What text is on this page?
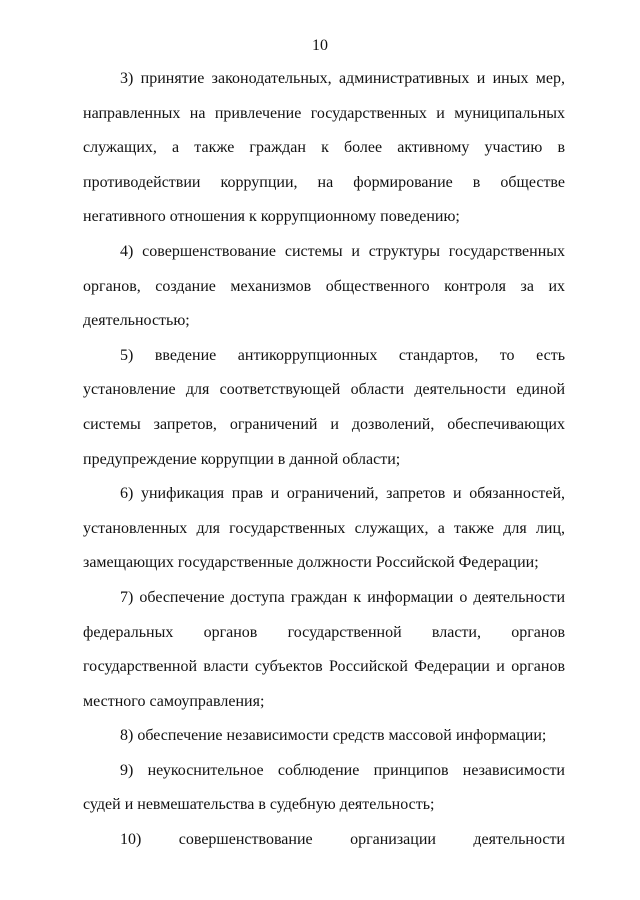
10

3) принятие законодательных, административных и иных мер, направленных на привлечение государственных и муниципальных служащих, а также граждан к более активному участию в противодействии коррупции, на формирование в обществе негативного отношения к коррупционному поведению;

4) совершенствование системы и структуры государственных органов, создание механизмов общественного контроля за их деятельностью;

5) введение антикоррупционных стандартов, то есть установление для соответствующей области деятельности единой системы запретов, ограничений и дозволений, обеспечивающих предупреждение коррупции в данной области;

6) унификация прав и ограничений, запретов и обязанностей, установленных для государственных служащих, а также для лиц, замещающих государственные должности Российской Федерации;

7) обеспечение доступа граждан к информации о деятельности федеральных органов государственной власти, органов государственной власти субъектов Российской Федерации и органов местного самоуправления;

8) обеспечение независимости средств массовой информации;

9) неукоснительное соблюдение принципов независимости судей и невмешательства в судебную деятельность;

10) совершенствование организации деятельности
